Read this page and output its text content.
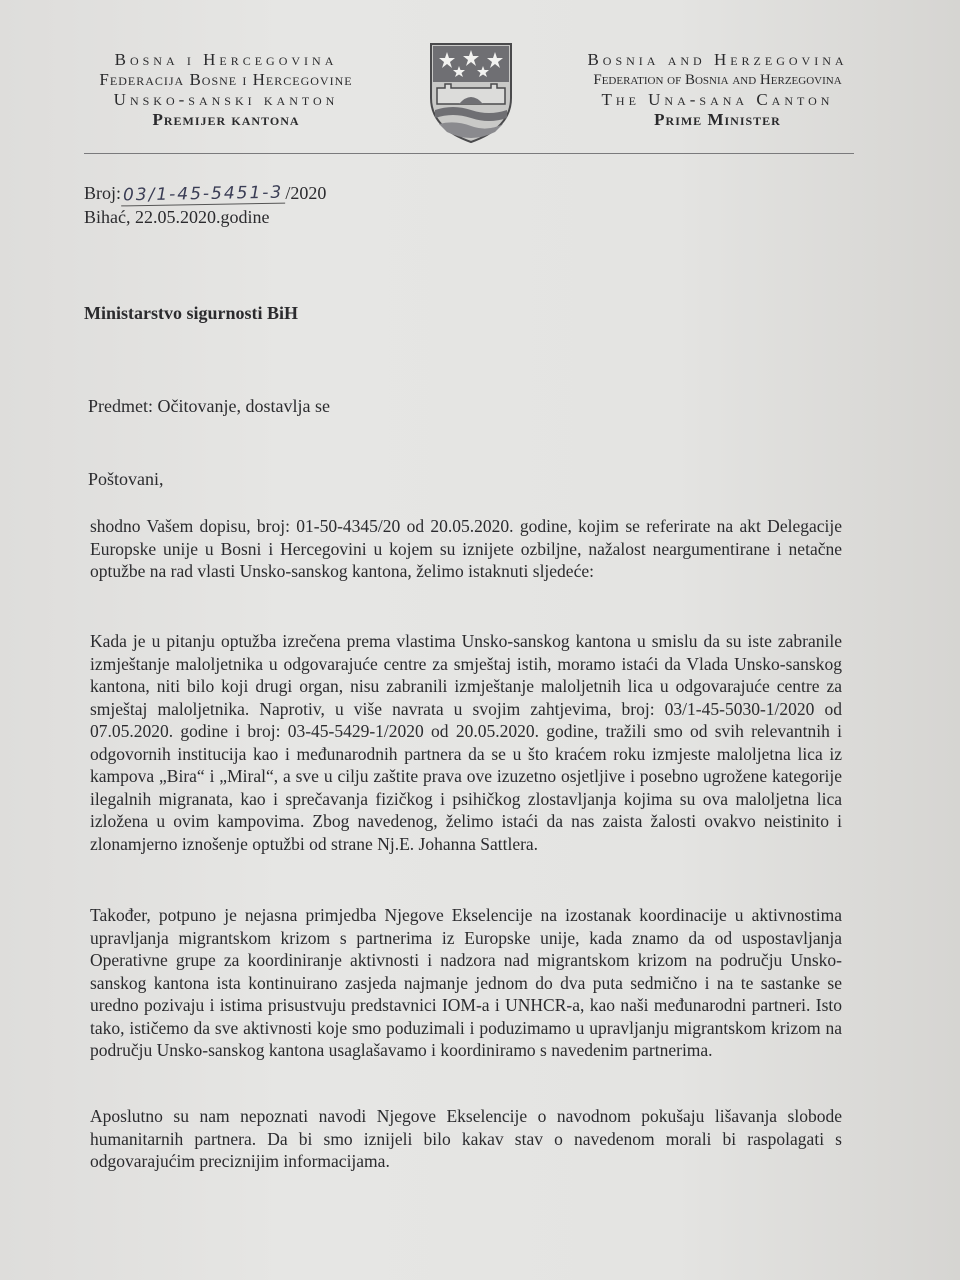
Bosna i Hercegovina
Federacija Bosne i Hercegovine
Unsko-sanski kanton
Premijer kantona
Bosnia and Herzegovina
Federation of Bosnia and Herzegovina
The Una-sana Canton
Prime Minister
Broj: 03/1-45-5451-3 /2020
Bihać, 22.05.2020.godine
Ministarstvo sigurnosti BiH
Predmet: Očitovanje, dostavlja se
Poštovani,

shodno Vašem dopisu, broj: 01-50-4345/20 od 20.05.2020. godine, kojim se referirate na akt Delegacije Europske unije u Bosni i Hercegovini u kojem su iznijete ozbiljne, nažalost neargumentirane i netačne optužbe na rad vlasti Unsko-sanskog kantona, želimo istaknuti sljedeće:

Kada je u pitanju optužba izrečena prema vlastima Unsko-sanskog kantona u smislu da su iste zabranile izmještanje maloljetnika u odgovarajuće centre za smještaj istih, moramo istaći da Vlada Unsko-sanskog kantona, niti bilo koji drugi organ, nisu zabranili izmještanje maloljetnih lica u odgovarajuće centre za smještaj maloljetnika. Naprotiv, u više navrata u svojim zahtjevima, broj: 03/1-45-5030-1/2020 od 07.05.2020. godine i broj: 03-45-5429-1/2020 od 20.05.2020. godine, tražili smo od svih relevantnih i odgovornih institucija kao i međunarodnih partnera da se u što kraćem roku izmjeste maloljetna lica iz kampova „Bira“ i „Miral“, a sve u cilju zaštite prava ove izuzetno osjetljive i posebno ugrožene kategorije ilegalnih migranata, kao i sprečavanja fizičkog i psihičkog zlostavljanja kojima su ova maloljetna lica izložena u ovim kampovima. Zbog navedenog, želimo istaći da nas zaista žalosti ovakvo neistinito i zlonamjerno iznošenje optužbi od strane Nj.E. Johanna Sattlera.

Također, potpuno je nejasna primjedba Njegove Ekselencije na izostanak koordinacije u aktivnostima upravljanja migrantskom krizom s partnerima iz Europske unije, kada znamo da od uspostavljanja Operativne grupe za koordiniranje aktivnosti i nadzora nad migrantskom krizom na području Unsko-sanskog kantona ista kontinuirano zasjeda najmanje jednom do dva puta sedmično i na te sastanke se uredno pozivaju i istima prisustvuju predstavnici IOM-a i UNHCR-a, kao naši međunarodni partneri. Isto tako, ističemo da sve aktivnosti koje smo poduzimali i poduzimamo u upravljanju migrantskom krizom na području Unsko-sanskog kantona usaglašavamo i koordiniramo s navedenim partnerima.

Aposlutno su nam nepoznati navodi Njegove Ekselencije o navodnom pokušaju lišavanja slobode humanitarnih partnera. Da bi smo iznijeli bilo kakav stav o navedenom morali bi raspolagati s odgovarajućim preciznijim informacijama.
